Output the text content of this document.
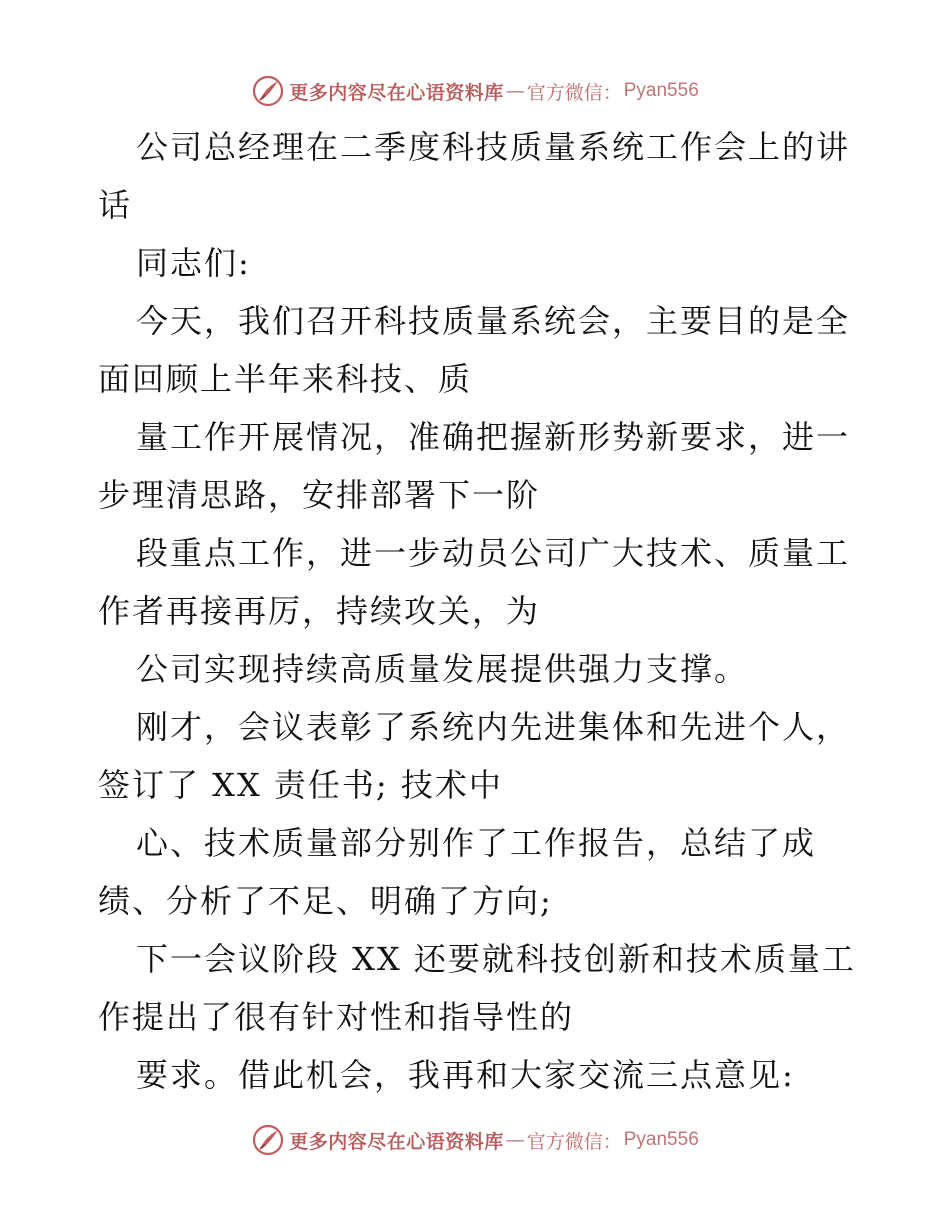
更多内容尽在心语资料库 — 官方微信： Pyan556
公司总经理在二季度科技质量系统工作会上的讲
话
同志们:
今天，我们召开科技质量系统会，主要目的是全
面回顾上半年来科技、质
量工作开展情况，准确把握新形势新要求，进一
步理清思路，安排部署下一阶
段重点工作，进一步动员公司广大技术、质量工
作者再接再厉，持续攻关，为
公司实现持续高质量发展提供强力支撑。
刚才，会议表彰了系统内先进集体和先进个人，
签订了 XX 责任书; 技术中
心、技术质量部分别作了工作报告，总结了成
绩、分析了不足、明确了方向;
下一会议阶段 XX 还要就科技创新和技术质量工
作提出了很有针对性和指导性的
要求。借此机会，我再和大家交流三点意见:
更多内容尽在心语资料库 — 官方微信： Pyan556
